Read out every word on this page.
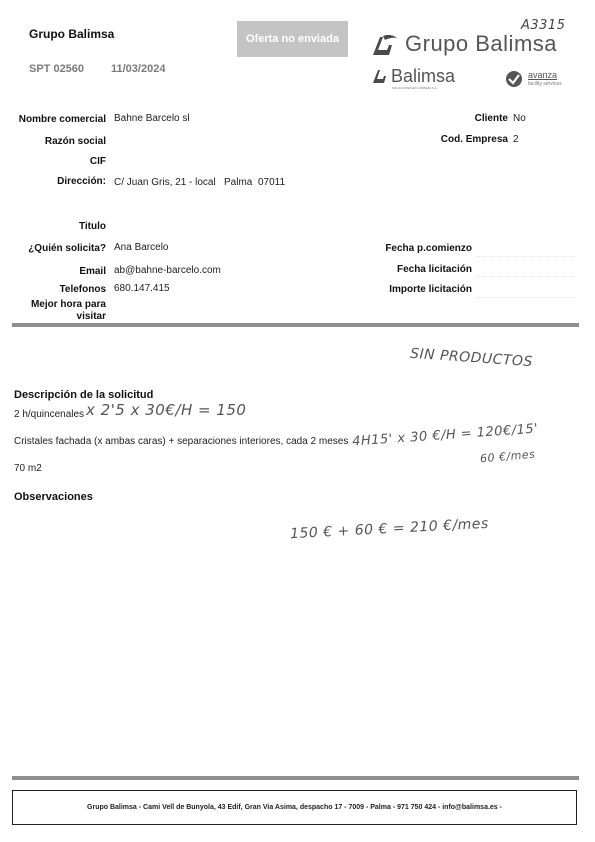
Grupo Balimsa
SPT 02560 11/03/2024
Oferta no enviada	Grupo Balimsa
Balimsa
SOLUCIONES EN LIMPIEZA S.A.
avanza
facility services
A3315
Nombre comercial Bahne Barcelo sl
Razón social
CIF
Dirección: C/ Juan Gris, 21 - local Palma 07011
Cliente No
Cod. Empresa 2
Titulo
¿Quién solicita? Ana Barcelo
Email ab@bahne-barcelo.com
Telefonos 680.147.415
Mejor hora para
visitar
Fecha p.comienzo
Fecha licitación
Importe licitación
SIN PRODUCTOS
Descripción de la solicitud
2 h/quincenales x 2'5 x 30€/H = 150
Cristales fachada (x ambas caras) + separaciones interiores, cada 2 meses 4H15' x 30 €/H = 120€/15'
60 €/mes
70 m2
Observaciones
150 € + 60 € = 210 €/mes
Grupo Balimsa - Cami Vell de Bunyola, 43 Edif, Gran Via Asima, despacho 17 - 7009 - Palma - 971 750 424 - info@balimsa.es -
